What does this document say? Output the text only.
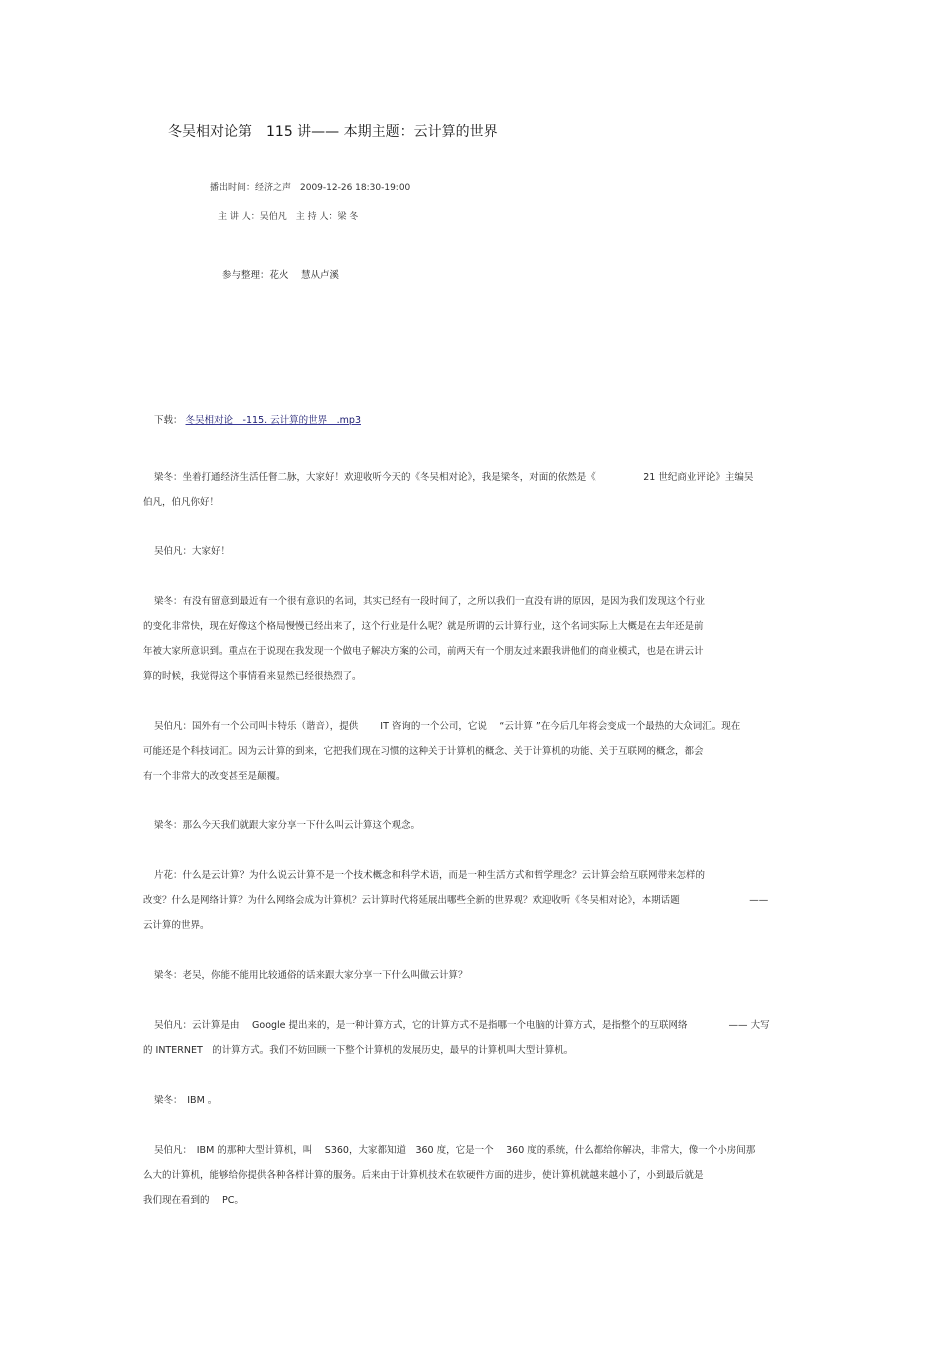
冬吴相对论第　115 讲—— 本期主题：云计算的世界
播出时间：经济之声　2009-12-26 18:30-19:00
主 讲 人：吴伯凡　主 持 人：梁 冬
参与整理：花火　 慧从卢溪
下载： 冬吴相对论　-115. 云计算的世界　.mp3
梁冬：坐着打通经济生活任督二脉，大家好！欢迎收听今天的《冬吴相对论》，我是梁冬，对面的依然是《　　　　　21 世纪商业评论》主编吴
伯凡，伯凡你好！
吴伯凡：大家好！
梁冬：有没有留意到最近有一个很有意识的名词，其实已经有一段时间了，之所以我们一直没有讲的原因，是因为我们发现这个行业
的变化非常快，现在好像这个格局慢慢已经出来了，这个行业是什么呢？就是所谓的云计算行业，这个名词实际上大概是在去年还是前
年被大家所意识到。重点在于说现在我发现一个做电子解决方案的公司，前两天有一个朋友过来跟我讲他们的商业模式，也是在讲云计
算的时候，我觉得这个事情看来显然已经很热烈了。
吴伯凡：国外有一个公司叫卡特乐（谐音），提供　　 IT 咨询的一个公司，它说　 “云计算 ”在今后几年将会变成一个最热的大众词汇。现在
可能还是个科技词汇。因为云计算的到来，它把我们现在习惯的这种关于计算机的概念、关于计算机的功能、关于互联网的概念，都会
有一个非常大的改变甚至是颠覆。
梁冬：那么今天我们就跟大家分享一下什么叫云计算这个观念。
片花：什么是云计算？为什么说云计算不是一个技术概念和科学术语，而是一种生活方式和哲学理念？云计算会给互联网带来怎样的
改变？什么是网络计算？为什么网络会成为计算机？云计算时代将延展出哪些全新的世界观？欢迎收听《冬吴相对论》，本期话题　　　　　　　 ——
云计算的世界。
梁冬：老吴，你能不能用比较通俗的话来跟大家分享一下什么叫做云计算？
吴伯凡：云计算是由　 Google 提出来的，是一种计算方式，它的计算方式不是指哪一个电脑的计算方式，是指整个的互联网络　　　　 —— 大写
的 INTERNET　的计算方式。我们不妨回顾一下整个计算机的发展历史，最早的计算机叫大型计算机。
梁冬：　IBM 。
吴伯凡：　IBM 的那种大型计算机，叫　 S360，大家都知道　360 度，它是一个　 360 度的系统，什么都给你解决，非常大，像一个小房间那
么大的计算机，能够给你提供各种各样计算的服务。后来由于计算机技术在软硬件方面的进步，使计算机就越来越小了，小到最后就是
我们现在看到的　 PC。
